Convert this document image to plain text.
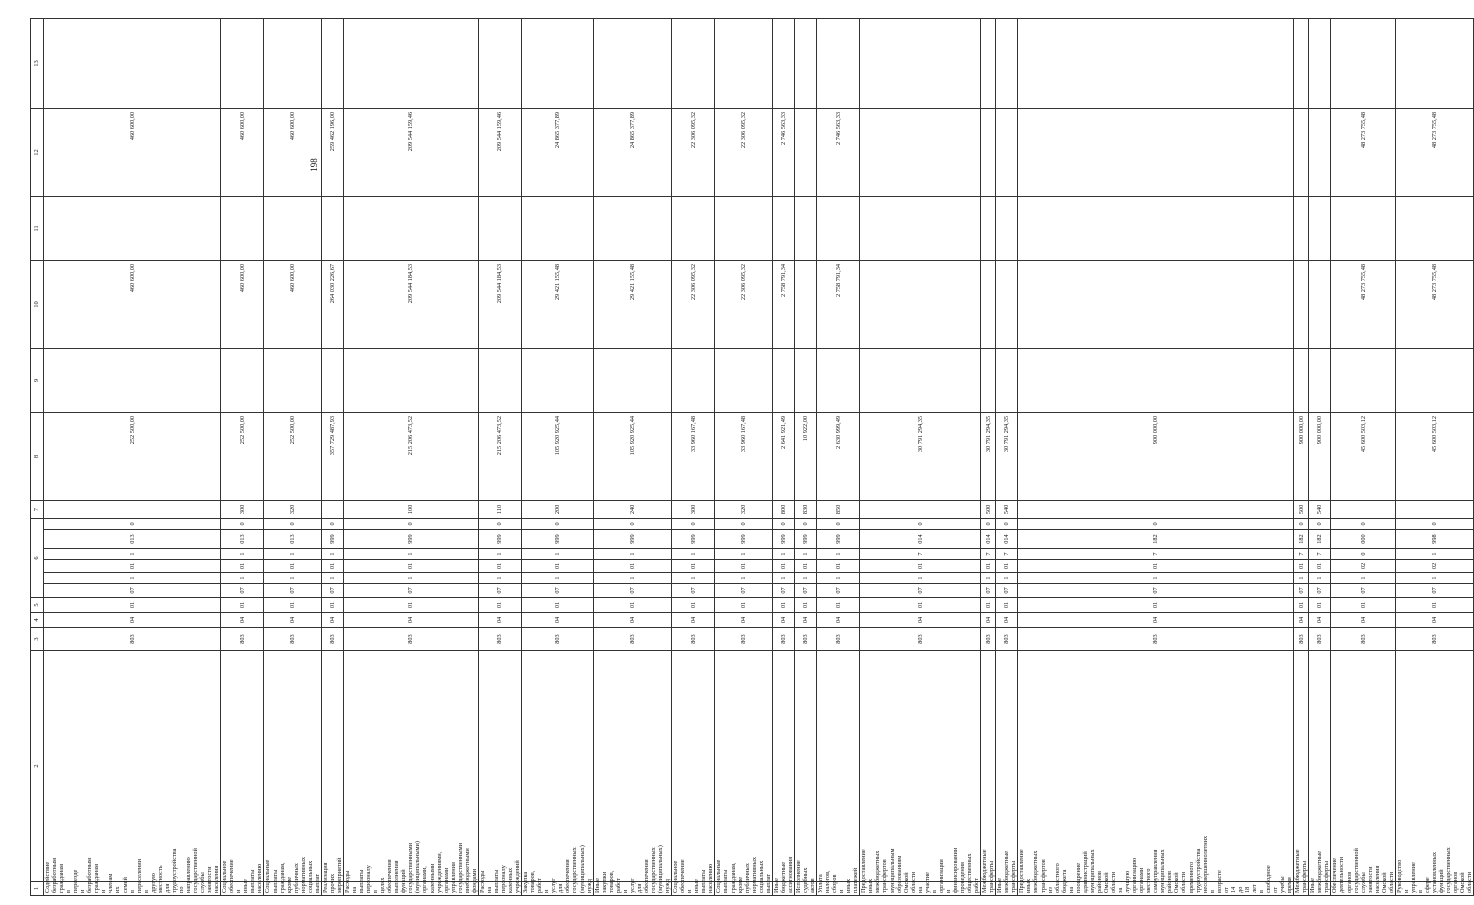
198
1	2	3	4	5	6						7	8	9	10	11	12	13
Содействие безработным гражданам в переезде и безработным гражданам и членам их семей в переселении в другую местность для трудоустройства по направлению государственной службы занятости населения		803	04	01	07	1	01	1	013	0		252 500,00		460 600,00		460 600,00	
Социальное обеспечение и иные выплаты населению		803	04	01	07	1	01	1	013	0	300	252 500,00		460 600,00		460 600,00	
Социальные выплаты гражданам, кроме публичных нормативных социальных выплат		803	04	01	07	1	01	1	013	0	320	252 500,00		460 600,00		460 600,00	
Реализация прочих мероприятий		803	04	01	07	1	01	1	999	0		357 729 487,93		264 030 226,67		259 462 196,00	
Расходы на выплаты персоналу в целях обеспечения выполнения функций государственными (муниципальными) органами, казенными учреждениями, органами управления государственными внебюджетными фондами		803	04	01	07	1	01	1	999	0	100	215 206 473,52		209 544 184,53		209 544 159,46	
Расходы на выплаты персоналу казенных учреждений		803	04	01	07	1	01	1	999	0	110	215 206 473,52		209 544 184,53		209 544 159,46	
Закупка товаров, работ и услуг для обеспечения государственных (муниципальных) нужд		803	04	01	07	1	01	1	999	0	200	105 920 925,44		29 421 155,48		24 865 377,89	
Иные закупки товаров, работ и услуг для обеспечения государственных (муниципальных) нужд		803	04	01	07	1	01	1	999	0	240	105 920 925,44		29 421 155,48		24 865 377,89	
Социальное обеспечение и иные выплаты населению		803	04	01	07	1	01	1	999	0	300	33 960 167,48		22 306 095,32		22 306 095,32	
Социальные выплаты гражданам, кроме публичных нормативных социальных выплат		803	04	01	07	1	01	1	999	0	320	33 960 167,48		22 306 095,32		22 306 095,32	
Иные бюджетные ассигнования		803	04	01	07	1	01	1	999	0	800	2 641 921,49		2 758 791,34		2 746 563,33	
Исполнение судебных актов		803	04	01	07	1	01	1	999	0	830	10 922,00					
Уплата налогов, сборов и иных платежей		803	04	01	07	1	01	1	999	0	850	2 630 999,49		2 758 791,34		2 746 563,33	
Предоставление иных межбюджетных трансфертов муниципальным образованиям Омской области на участие в организации и финансировании проведения общественных работ		803	04	01	07	1	01	7	014	0		30 791 294,35					
Межбюджетные трансферты		803	04	01	07	1	01	7	014	0	500	30 791 294,35					
Иные межбюджетные трансферты		803	04	01	07	1	01	7	014	0	540	30 791 294,35					
Предоставление иных межбюджетных трансфертов из областного бюджета на поощрение администраций муниципальных районов Омской области за лучшую организацию органами местного самоуправления муниципальных районов Омской области временного трудоустройства несовершеннолетних в возрасте от 14 до 18 лет в свободное от учебы время		803	04	01	07	1	01	7	182	0		900 000,00					
Межбюджетные трансферты		803	04	01	07	1	01	7	182	0	500	900 000,00					
Иные межбюджетные трансферты		803	04	01	07	1	01	7	182	0	540	900 000,00					
Обеспечение деятельности органов государственной службы занятости населения Омской области		803	04	01	07	1	02	0	000	0		45 600 503,12		48 273 755,48		48 273 755,48	
Руководство и управление в сфере установленных функций государственных органов Омской области		803	04	01	07	1	02	1	998	0		45 600 503,12		48 273 755,48		48 273 755,48	
